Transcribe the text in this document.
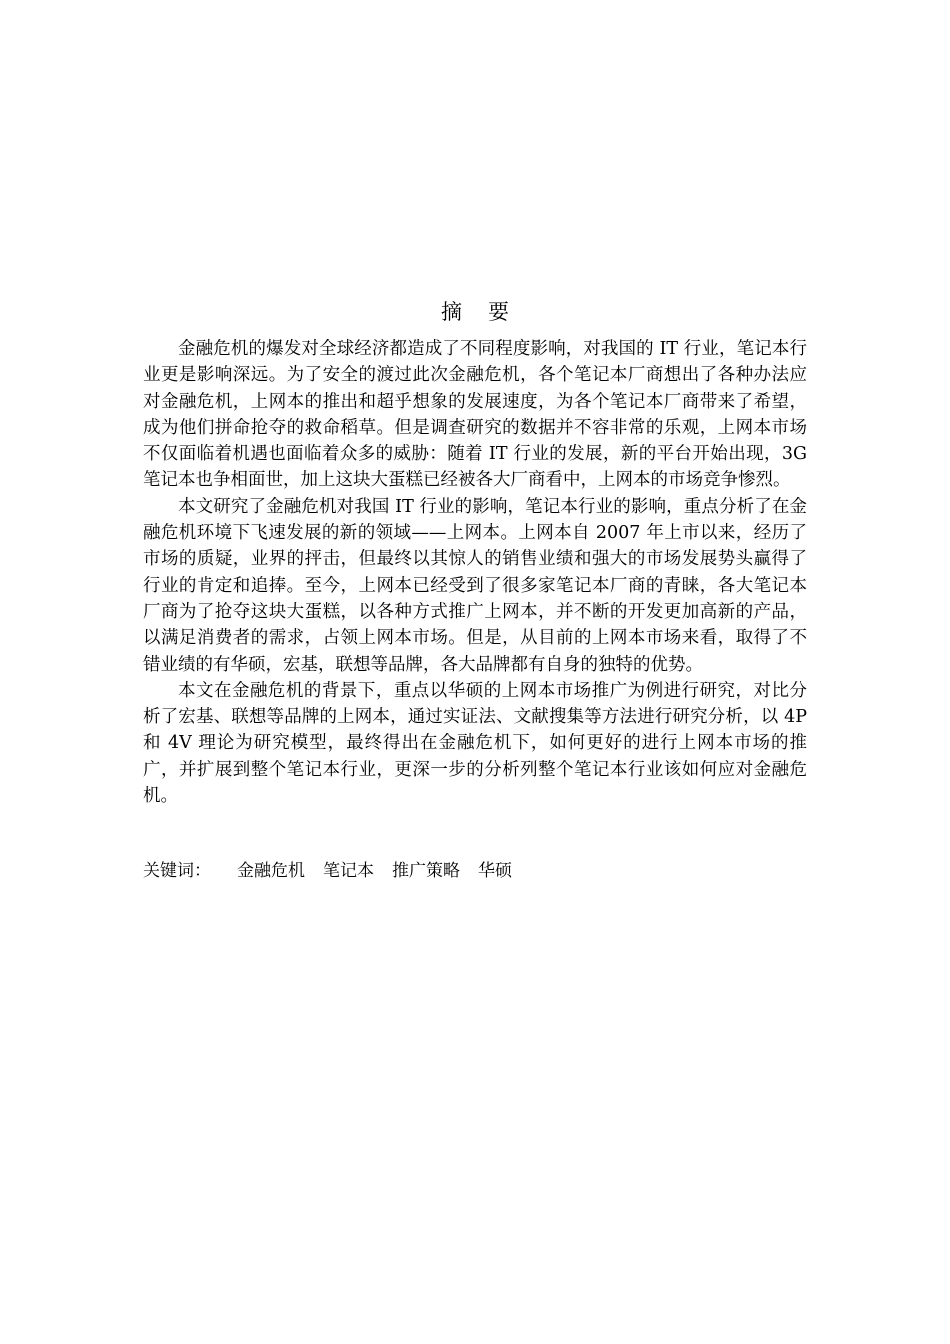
摘 要

金融危机的爆发对全球经济都造成了不同程度影响，对我国的 IT 行业，笔记本行业更是影响深远。为了安全的渡过此次金融危机，各个笔记本厂商想出了各种办法应对金融危机，上网本的推出和超乎想象的发展速度，为各个笔记本厂商带来了希望，成为他们拼命抢夺的救命稻草。但是调查研究的数据并不容非常的乐观，上网本市场不仅面临着机遇也面临着众多的威胁：随着 IT 行业的发展，新的平台开始出现，3G 笔记本也争相面世，加上这块大蛋糕已经被各大厂商看中，上网本的市场竞争惨烈。

本文研究了金融危机对我国 IT 行业的影响，笔记本行业的影响，重点分析了在金融危机环境下飞速发展的新的领域——上网本。上网本自 2007 年上市以来，经历了市场的质疑，业界的抨击，但最终以其惊人的销售业绩和强大的市场发展势头赢得了行业的肯定和追捧。至今，上网本已经受到了很多家笔记本厂商的青睐，各大笔记本厂商为了抢夺这块大蛋糕，以各种方式推广上网本，并不断的开发更加高新的产品，以满足消费者的需求，占领上网本市场。但是，从目前的上网本市场来看，取得了不错业绩的有华硕，宏基，联想等品牌，各大品牌都有自身的独特的优势。

本文在金融危机的背景下，重点以华硕的上网本市场推广为例进行研究，对比分析了宏基、联想等品牌的上网本，通过实证法、文献搜集等方法进行研究分析，以 4P 和 4V 理论为研究模型，最终得出在金融危机下，如何更好的进行上网本市场的推广，并扩展到整个笔记本行业，更深一步的分析列整个笔记本行业该如何应对金融危机。

关键词： 金融危机 笔记本 推广策略 华硕
